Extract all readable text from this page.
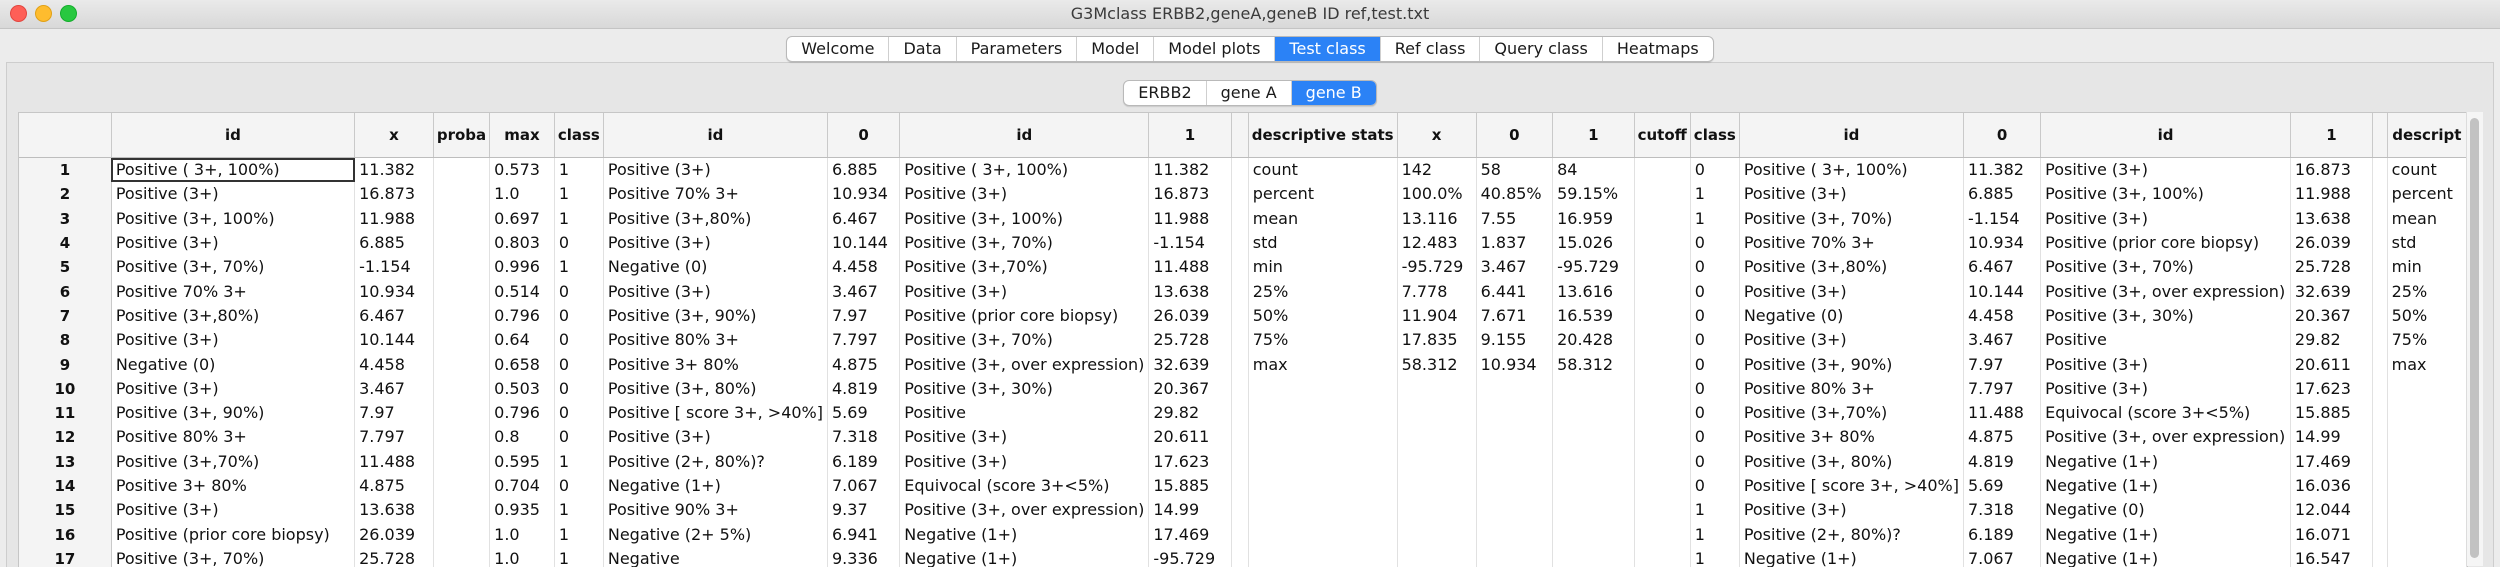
G3Mclass ERBB2,geneA,geneB ID ref,test.txt
Welcome	Data	Parameters	Model	Model plots	Test class	Ref class	Query class	Heatmaps
ERBB2	gene A	gene B
	id	x	proba	max	class	id	0	id	1		descriptive stats	x	0	1	cutoff	class	id	0	id	1		descript
1	Positive ( 3+, 100%)	11.382		0.573	1	Positive (3+)	6.885	Positive ( 3+, 100%)	11.382		count	142	58	84		0	Positive ( 3+, 100%)	11.382	Positive (3+)	16.873		count
2	Positive (3+)	16.873		1.0	1	Positive 70% 3+	10.934	Positive (3+)	16.873		percent	100.0%	40.85%	59.15%		1	Positive (3+)	6.885	Positive (3+, 100%)	11.988		percent
3	Positive (3+, 100%)	11.988		0.697	1	Positive (3+,80%)	6.467	Positive (3+, 100%)	11.988		mean	13.116	7.55	16.959		1	Positive (3+, 70%)	-1.154	Positive (3+)	13.638		mean
4	Positive (3+)	6.885		0.803	0	Positive (3+)	10.144	Positive (3+, 70%)	-1.154		std	12.483	1.837	15.026		0	Positive 70% 3+	10.934	Positive (prior core biopsy)	26.039		std
5	Positive (3+, 70%)	-1.154		0.996	1	Negative (0)	4.458	Positive (3+,70%)	11.488		min	-95.729	3.467	-95.729		0	Positive (3+,80%)	6.467	Positive (3+, 70%)	25.728		min
6	Positive 70% 3+	10.934		0.514	0	Positive (3+)	3.467	Positive (3+)	13.638		25%	7.778	6.441	13.616		0	Positive (3+)	10.144	Positive (3+, over expression)	32.639		25%
7	Positive (3+,80%)	6.467		0.796	0	Positive (3+, 90%)	7.97	Positive (prior core biopsy)	26.039		50%	11.904	7.671	16.539		0	Negative (0)	4.458	Positive (3+, 30%)	20.367		50%
8	Positive (3+)	10.144		0.64	0	Positive 80% 3+	7.797	Positive (3+, 70%)	25.728		75%	17.835	9.155	20.428		0	Positive (3+)	3.467	Positive	29.82		75%
9	Negative (0)	4.458		0.658	0	Positive 3+ 80%	4.875	Positive (3+, over expression)	32.639		max	58.312	10.934	58.312		0	Positive (3+, 90%)	7.97	Positive (3+)	20.611		max
10	Positive (3+)	3.467		0.503	0	Positive (3+, 80%)	4.819	Positive (3+, 30%)	20.367							0	Positive 80% 3+	7.797	Positive (3+)	17.623		
11	Positive (3+, 90%)	7.97		0.796	0	Positive [ score 3+, >40%]	5.69	Positive	29.82							0	Positive (3+,70%)	11.488	Equivocal (score 3+<5%)	15.885		
12	Positive 80% 3+	7.797		0.8	0	Positive (3+)	7.318	Positive (3+)	20.611							0	Positive 3+ 80%	4.875	Positive (3+, over expression)	14.99		
13	Positive (3+,70%)	11.488		0.595	1	Positive (2+, 80%)?	6.189	Positive (3+)	17.623							0	Positive (3+, 80%)	4.819	Negative (1+)	17.469		
14	Positive 3+ 80%	4.875		0.704	0	Negative (1+)	7.067	Equivocal (score 3+<5%)	15.885							0	Positive [ score 3+, >40%]	5.69	Negative (1+)	16.036		
15	Positive (3+)	13.638		0.935	1	Positive 90% 3+	9.37	Positive (3+, over expression)	14.99							1	Positive (3+)	7.318	Negative (0)	12.044		
16	Positive (prior core biopsy)	26.039		1.0	1	Negative (2+ 5%)	6.941	Negative (1+)	17.469							1	Positive (2+, 80%)?	6.189	Negative (1+)	16.071		
17	Positive (3+, 70%)	25.728		1.0	1	Negative	9.336	Negative (1+)	-95.729							1	Negative (1+)	7.067	Negative (1+)	16.547		
